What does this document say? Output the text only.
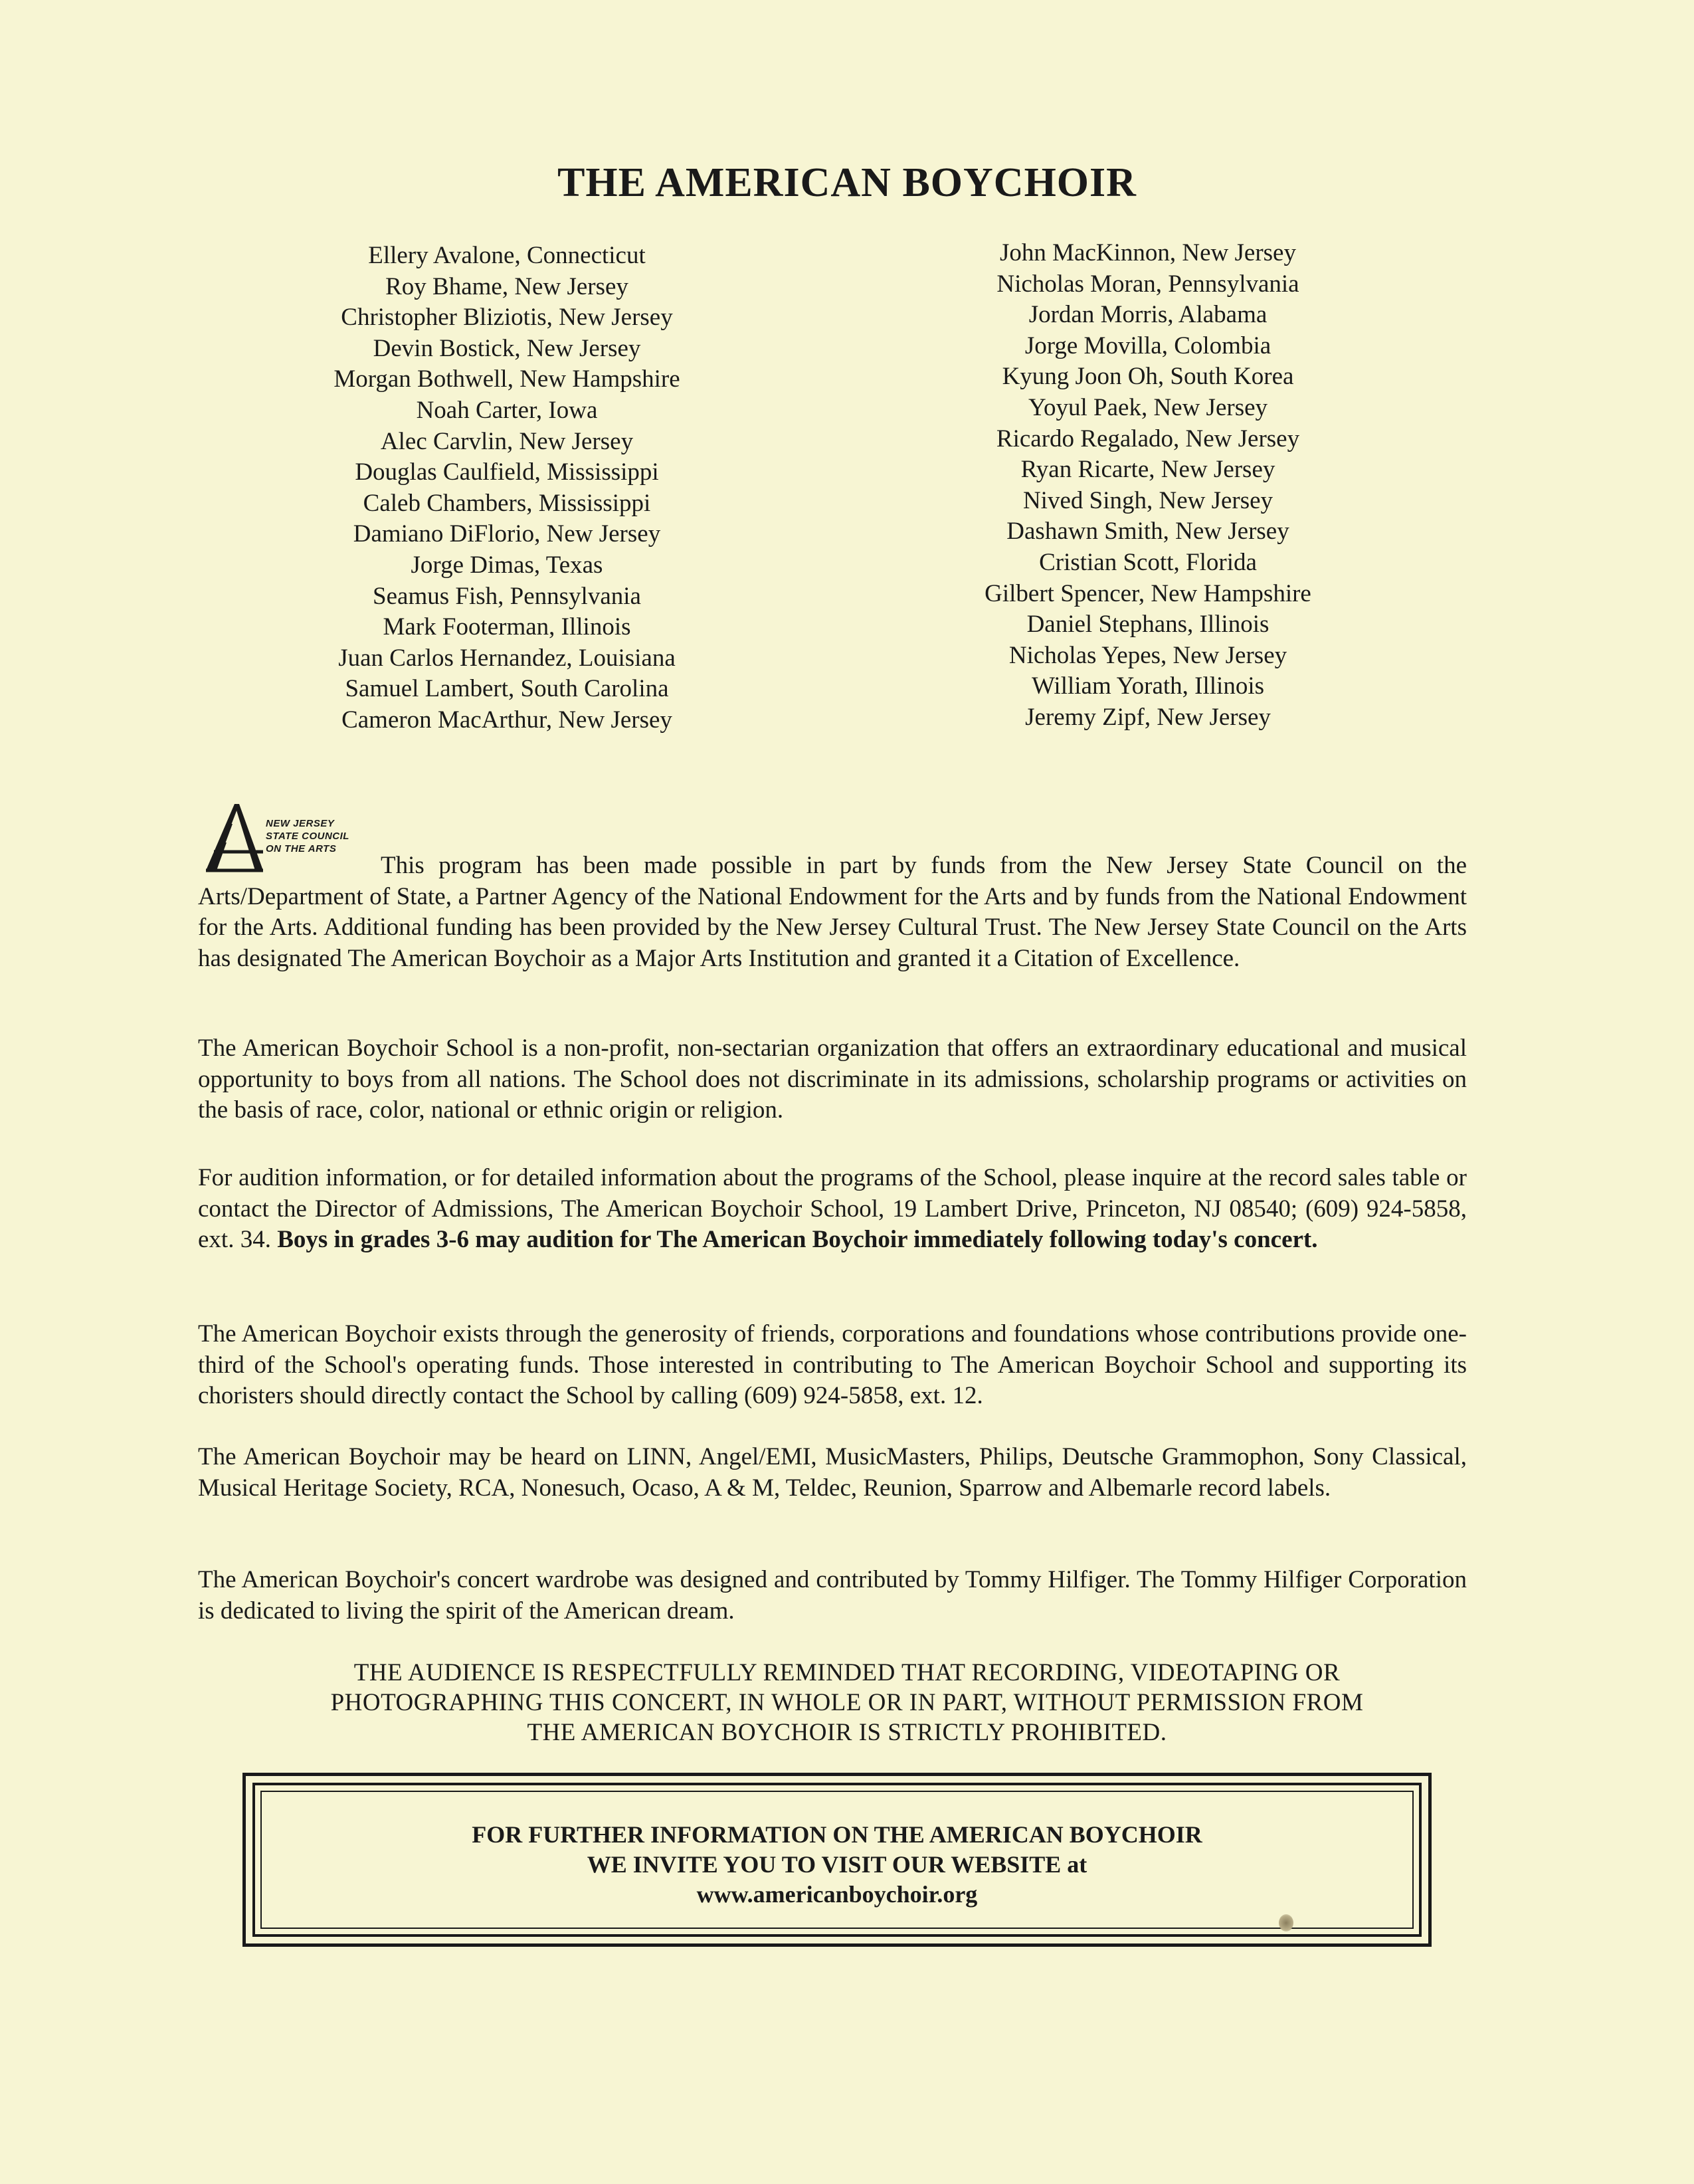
THE AMERICAN BOYCHOIR
Ellery Avalone, Connecticut
Roy Bhame, New Jersey
Christopher Bliziotis, New Jersey
Devin Bostick, New Jersey
Morgan Bothwell, New Hampshire
Noah Carter, Iowa
Alec Carvlin, New Jersey
Douglas Caulfield, Mississippi
Caleb Chambers, Mississippi
Damiano DiFlorio, New Jersey
Jorge Dimas, Texas
Seamus Fish, Pennsylvania
Mark Footerman, Illinois
Juan Carlos Hernandez, Louisiana
Samuel Lambert, South Carolina
Cameron MacArthur, New Jersey
John MacKinnon, New Jersey
Nicholas Moran, Pennsylvania
Jordan Morris, Alabama
Jorge Movilla, Colombia
Kyung Joon Oh, South Korea
Yoyul Paek, New Jersey
Ricardo Regalado, New Jersey
Ryan Ricarte, New Jersey
Nived Singh, New Jersey
Dashawn Smith, New Jersey
Cristian Scott, Florida
Gilbert Spencer, New Hampshire
Daniel Stephans, Illinois
Nicholas Yepes, New Jersey
William Yorath, Illinois
Jeremy Zipf, New Jersey
NEW JERSEY
STATE COUNCIL
ON THE ARTS

This program has been made possible in part by funds from the New Jersey State Council on the Arts/Department of State, a Partner Agency of the National Endowment for the Arts and by funds from the National Endowment for the Arts. Additional funding has been provided by the New Jersey Cultural Trust. The New Jersey State Council on the Arts has designated The American Boychoir as a Major Arts Institution and granted it a Citation of Excellence.

The American Boychoir School is a non-profit, non-sectarian organization that offers an extraordinary educational and musical opportunity to boys from all nations. The School does not discriminate in its admissions, scholarship programs or activities on the basis of race, color, national or ethnic origin or religion.

For audition information, or for detailed information about the programs of the School, please inquire at the record sales table or contact the Director of Admissions, The American Boychoir School, 19 Lambert Drive, Princeton, NJ 08540; (609) 924-5858, ext. 34. Boys in grades 3-6 may audition for The American Boychoir immediately following today's concert.

The American Boychoir exists through the generosity of friends, corporations and foundations whose contributions provide one-third of the School's operating funds. Those interested in contributing to The American Boychoir School and supporting its choristers should directly contact the School by calling (609) 924-5858, ext. 12.

The American Boychoir may be heard on LINN, Angel/EMI, MusicMasters, Philips, Deutsche Grammophon, Sony Classical, Musical Heritage Society, RCA, Nonesuch, Ocaso, A & M, Teldec, Reunion, Sparrow and Albemarle record labels.

The American Boychoir's concert wardrobe was designed and contributed by Tommy Hilfiger. The Tommy Hilfiger Corporation is dedicated to living the spirit of the American dream.

THE AUDIENCE IS RESPECTFULLY REMINDED THAT RECORDING, VIDEOTAPING OR
PHOTOGRAPHING THIS CONCERT, IN WHOLE OR IN PART, WITHOUT PERMISSION FROM
THE AMERICAN BOYCHOIR IS STRICTLY PROHIBITED.
FOR FURTHER INFORMATION ON THE AMERICAN BOYCHOIR
WE INVITE YOU TO VISIT OUR WEBSITE at
www.americanboychoir.org
